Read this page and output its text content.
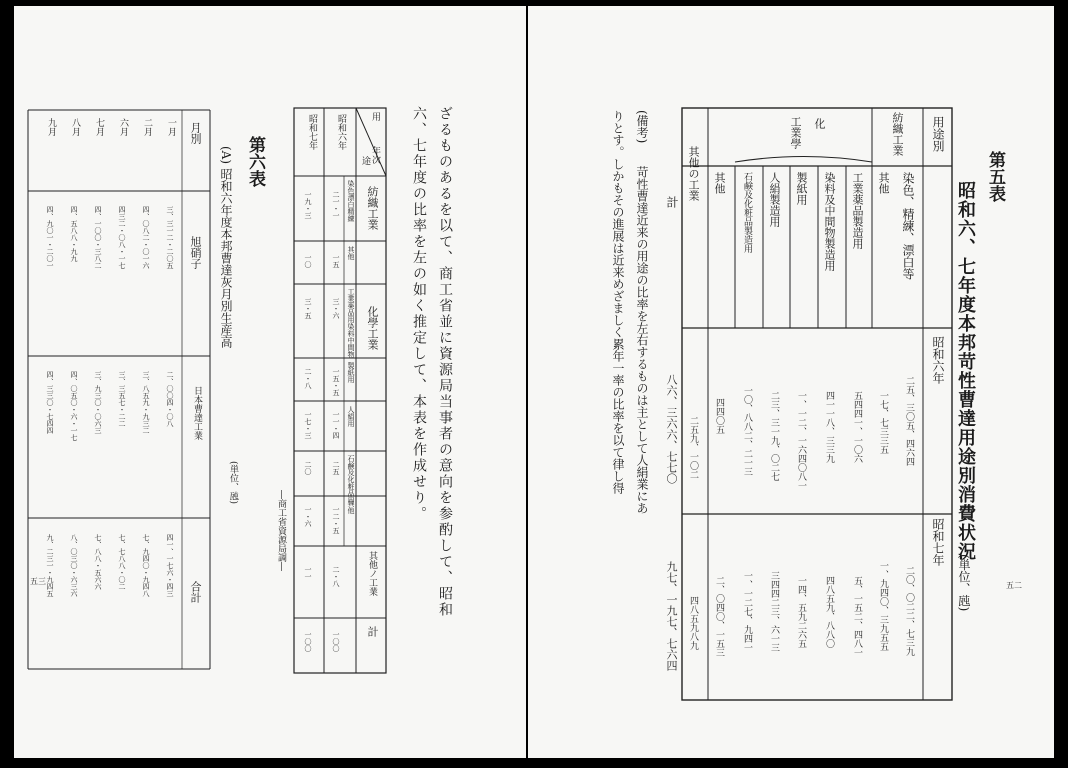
ざるものあるを以て、商工省並に資源局当事者の意向を参酌して、昭和
六、七年度の比率を左の如く推定して、本表を作成せり。
用
途 年次
昭和六年
昭和七年
紡織工業
化學工業
其他ノ工業
計
染色漂白精練
其他
工業薬品用染料中間物
製紙用
人絹用
石鹸及化粧品用
其他
二一・一
一五
三・六
一五・五
一一・四
二五
一二・五
二・八
一〇〇
一九・三
一〇
三・五
二・八
一七・三
二〇
一・六
一一
一〇〇
―商工省資源局調―
第六表
(A) 昭和六年度本邦曹達灰月別生産高
(単位、瓲)
月別
旭硝子
日本曹達工業
合計
一月
三、三一二・二〇五
二、〇〇四・〇八
四一、一七六・四三
二月
四、〇八二・〇一六
三、八五九・九三二
七、九四〇・九四八
六月
四三二・〇八・一七
三、三五七・二二
七、七八八・〇二
七月
四、一〇〇・三八二
三、九三〇・〇六三
七、八八・五六六
八月
四、五八八・九九
四、〇五〇・六・一七
八、〇三〇・六三六
九月
四、九〇一・二〇一
四、三三〇・七四四
九、二三一・九四五
五三
第五表
昭和六、七年度本邦苛性曹達用途別消費状況
(単位、瓲)
用途別
昭和六年
昭和七年
紡織工業
化
工業學
染色、精練、漂白等
二五、三〇五、四六四
二〇、〇二二、七三九
其他
一七、七三三五
一、九四〇、三九五五
工業薬品製造用
五四四一、一〇六
五、一五二、四八一
染料及中間物製造用
四一一八、三三九
四八五九、八八〇
製紙用
一、一二、一六四〇八一
一四、五九二六五
人絹製造用
二三、三一九、〇二七
三四四二三、六一三
石鹸及化粧品製造用
一〇、八八二、二一三
一、一二七、九四一
其他
四四〇五
二、〇四〇、一五三
其他の工業
二五九、一〇二
四八五九八九
計
八六、三六六、七七〇
九七、一九七、七六四
(備考)
苛性曹達近来の用途の比率を左右するものは主として人絹業にあ
りとす。しかもその進展は近来めざましく累年一率の比率を以て律し得
五二
